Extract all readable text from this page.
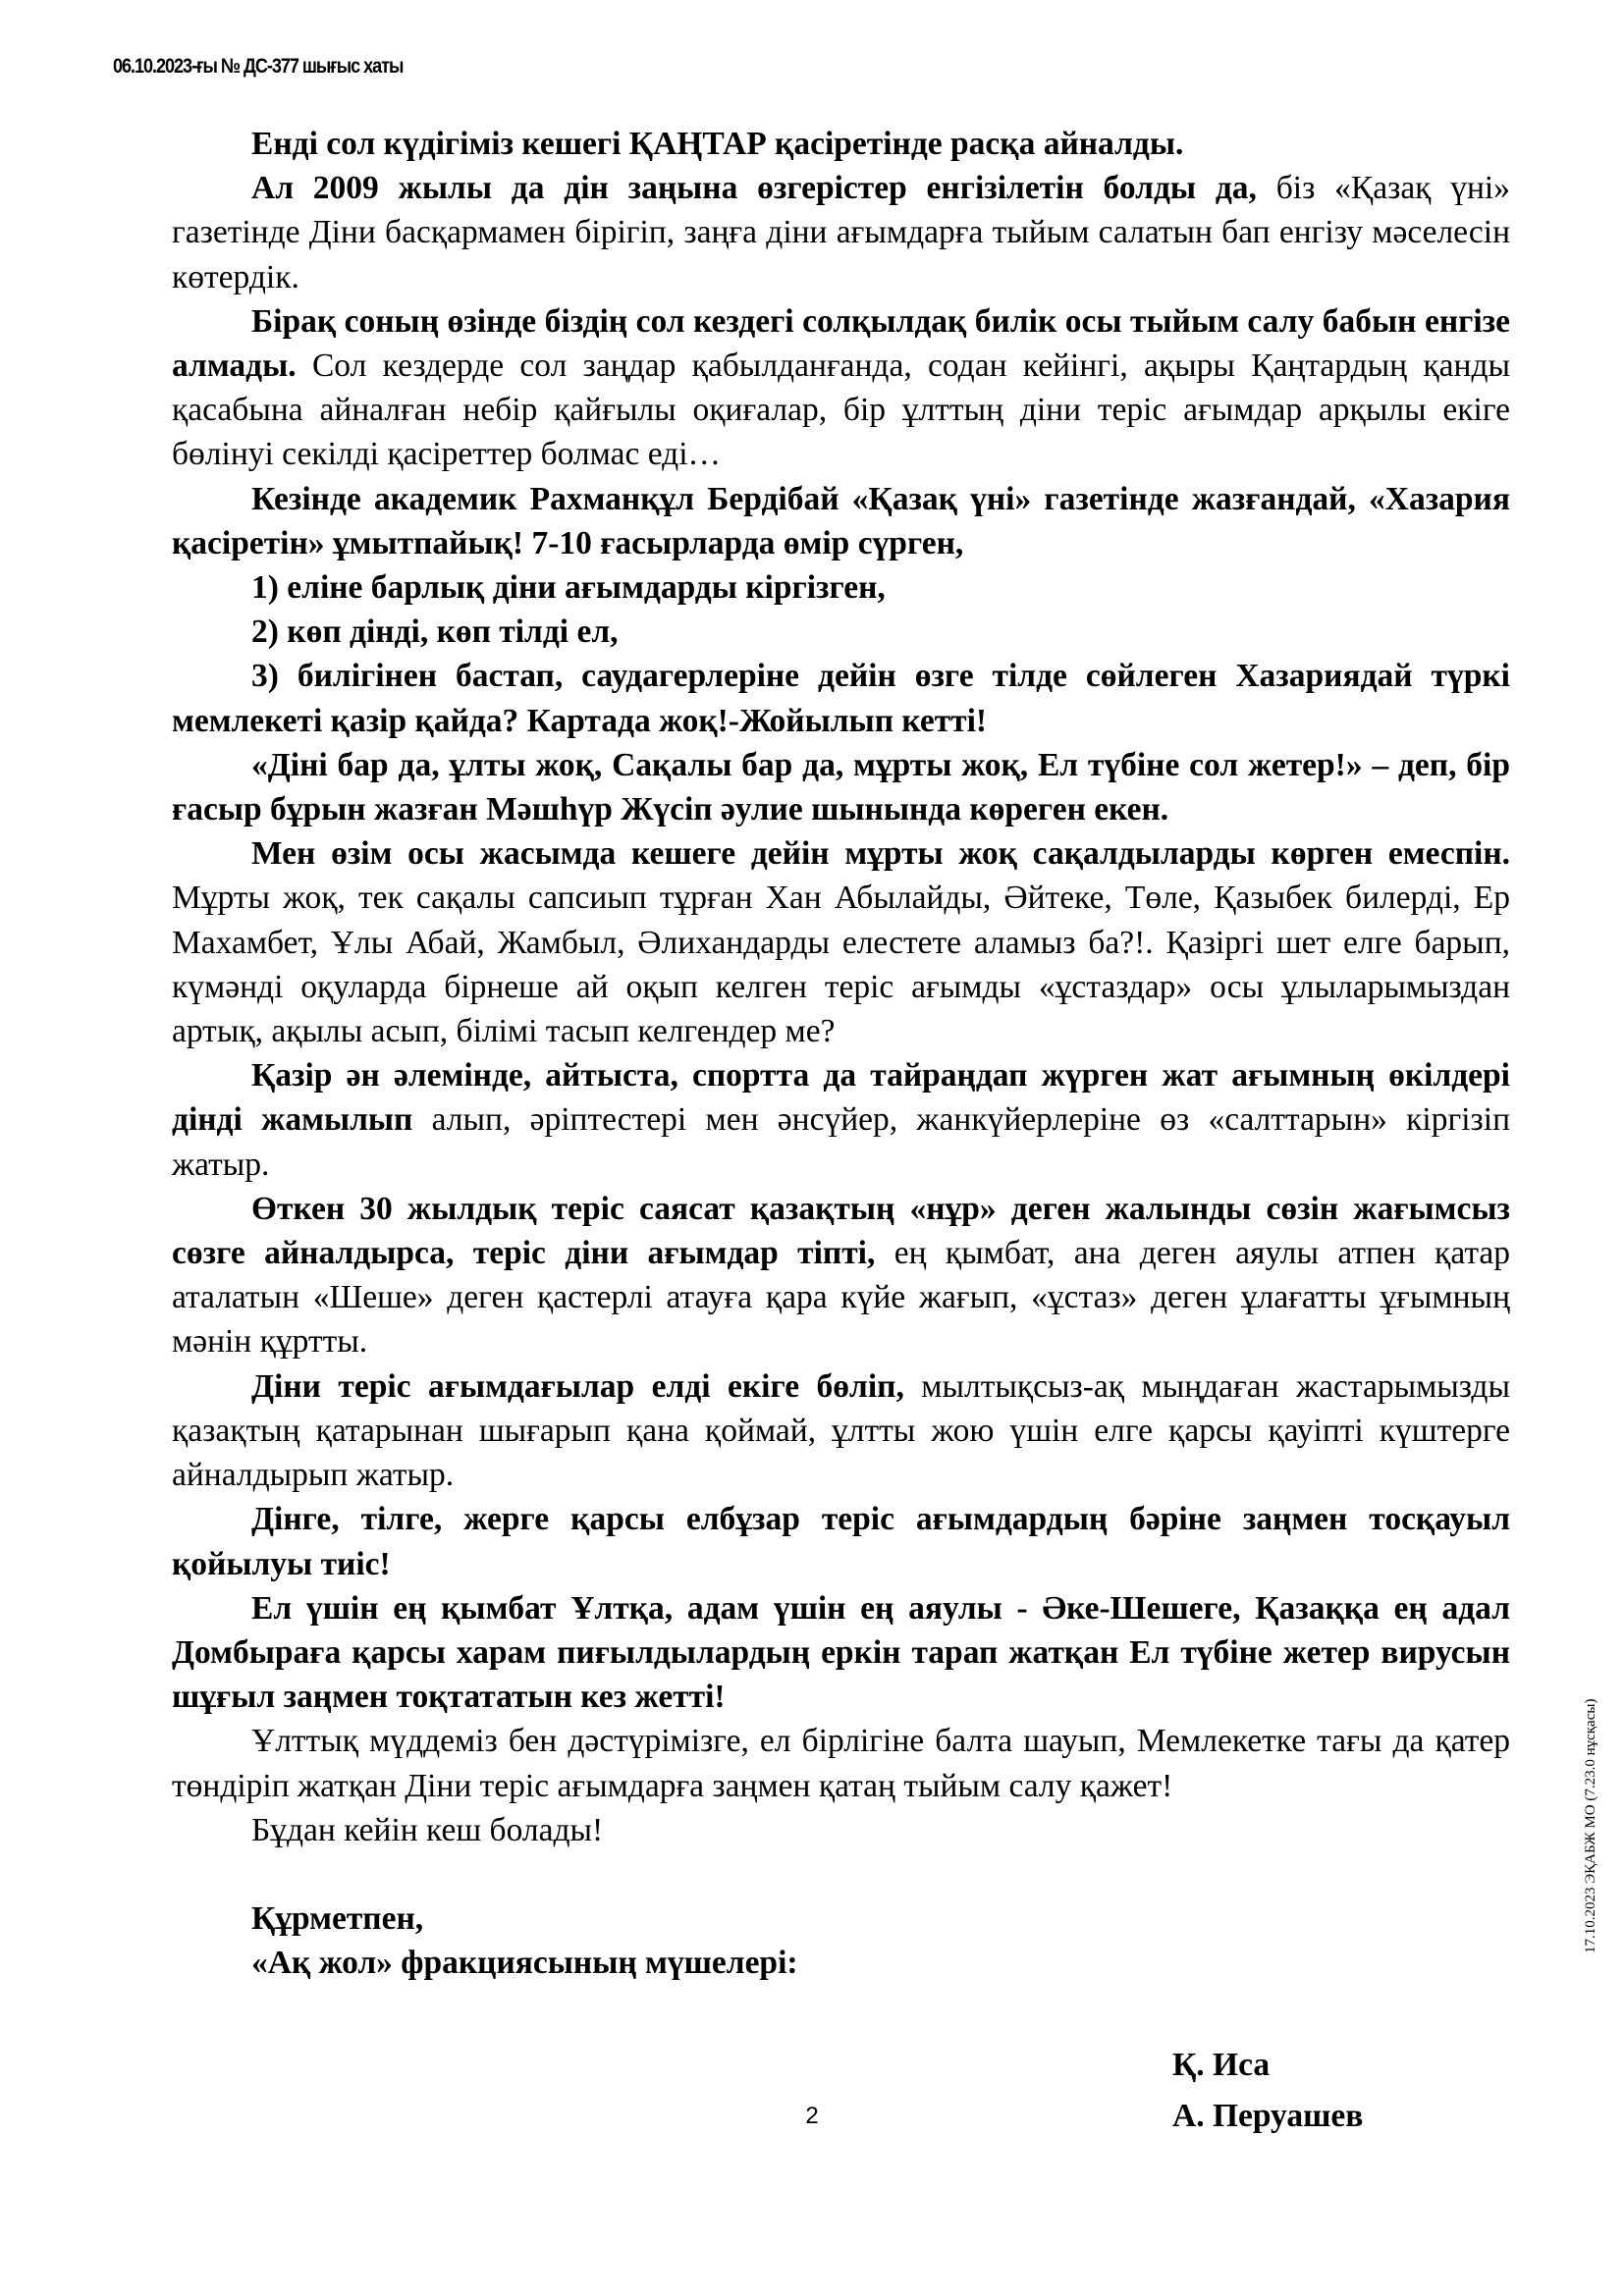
06.10.2023-ғы № ДС-377 шығыс хаты
17.10.2023 ЭҚАБЖ МО (7.23.0 нұсқасы)

Енді сол күдігіміз кешегі ҚАҢТАР қасіретінде расқа айналды.

Ал 2009 жылы да дін заңына өзгерістер енгізілетін болды да, біз «Қазақ үні» газетінде Діни басқармамен бірігіп, заңға діни ағымдарға тыйым салатын бап енгізу мәселесін көтердік.

Бірақ соның өзінде біздің сол кездегі солқылдақ билік осы тыйым салу бабын енгізе алмады. Сол кездерде сол заңдар қабылданғанда, содан кейінгі, ақыры Қаңтардың қанды қасабына айналған небір қайғылы оқиғалар, бір ұлттың діни теріс ағымдар арқылы екіге бөлінуі секілді қасіреттер болмас еді…

Кезінде академик Рахманқұл Бердібай «Қазақ үні» газетінде жазғандай, «Хазария қасіретін» ұмытпайық! 7-10 ғасырларда өмір сүрген,

1) еліне барлық діни ағымдарды кіргізген,

2) көп дінді, көп тілді ел,

3) билігінен бастап, саудагерлеріне дейін өзге тілде сөйлеген Хазариядай түркі мемлекеті қазір қайда? Картада жоқ!-Жойылып кетті!

«Діні бар да, ұлты жоқ, Сақалы бар да, мұрты жоқ, Ел түбіне сол жетер!» – деп, бір ғасыр бұрын жазған Мәшһүр Жүсіп әулие шынында көреген екен.

Мен өзім осы жасымда кешеге дейін мұрты жоқ сақалдыларды көрген емеспін. Мұрты жоқ, тек сақалы сапсиып тұрған Хан Абылайды, Әйтеке, Төле, Қазыбек билерді, Ер Махамбет, Ұлы Абай, Жамбыл, Әлихандарды елестете аламыз ба?!. Қазіргі шет елге барып, күмәнді оқуларда бірнеше ай оқып келген теріс ағымды «ұстаздар» осы ұлыларымыздан артық, ақылы асып, білімі тасып келгендер ме?

Қазір ән әлемінде, айтыста, спортта да тайраңдап жүрген жат ағымның өкілдері дінді жамылып алып, әріптестері мен әнсүйер, жанкүйерлеріне өз «салттарын» кіргізіп жатыр.

Өткен 30 жылдық теріс саясат қазақтың «нұр» деген жалынды сөзін жағымсыз сөзге айналдырса, теріс діни ағымдар тіпті, ең қымбат, ана деген аяулы атпен қатар аталатын «Шеше» деген қастерлі атауға қара күйе жағып, «ұстаз» деген ұлағатты ұғымның мәнін құртты.

Діни теріс ағымдағылар елді екіге бөліп, мылтықсыз-ақ мыңдаған жастарымызды қазақтың қатарынан шығарып қана қоймай, ұлтты жою үшін елге қарсы қауіпті күштерге айналдырып жатыр.

Дінге, тілге, жерге қарсы елбұзар теріс ағымдардың бәріне заңмен тосқауыл қойылуы тиіс!

Ел үшін ең қымбат Ұлтқа, адам үшін ең аяулы - Әке-Шешеге, Қазаққа ең адал Домбыраға қарсы харам пиғылдылардың еркін тарап жатқан Ел түбіне жетер вирусын шұғыл заңмен тоқтататын кез жетті!

Ұлттық мүддеміз бен дәстүрімізге, ел бірлігіне балта шауып, Мемлекетке тағы да қатер төндіріп жатқан Діни теріс ағымдарға заңмен қатаң тыйым салу қажет!

Бұдан кейін кеш болады!

Құрметпен,

«Ақ жол» фракциясының мүшелері:

Қ. Иса
А. Перуашев
2
